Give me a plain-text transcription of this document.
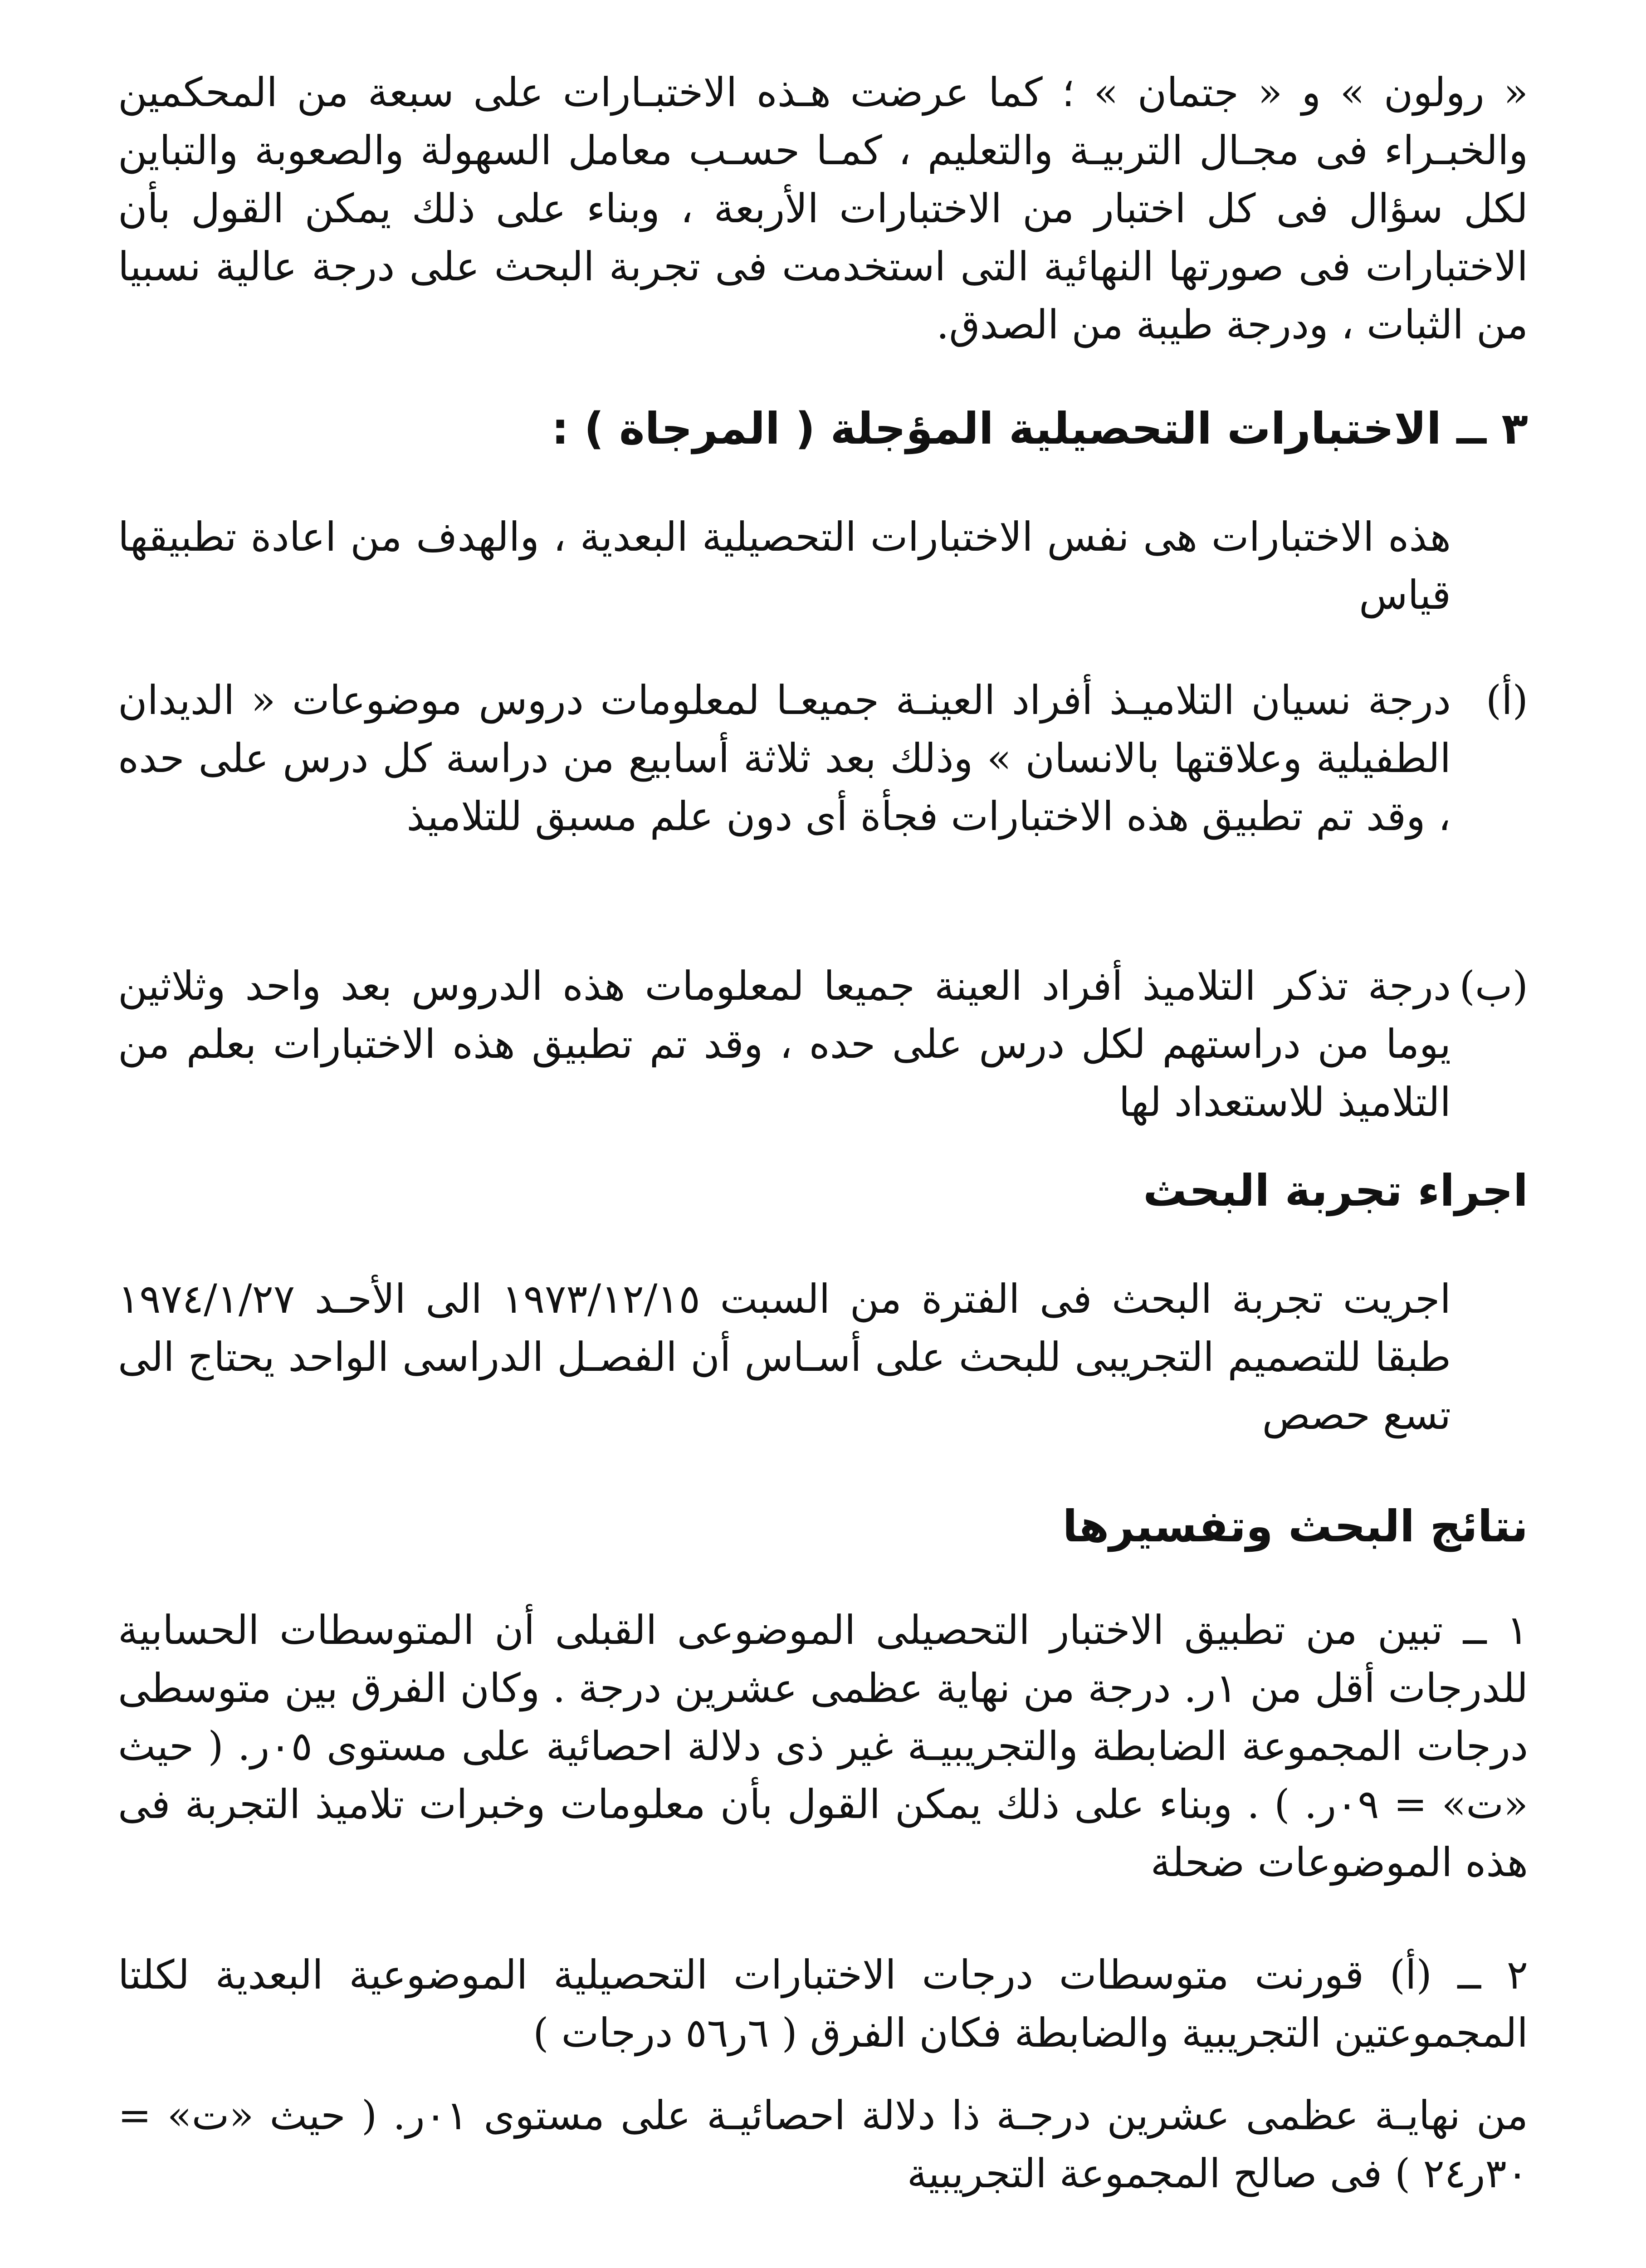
« رولون » و « جتمان » ؛ كما عرضت هـذه الاختبـارات على سبعة من المحكمين والخبـراء فى مجـال التربيـة والتعليم ، كمـا حسـب معامل السهولة والصعوبة والتباين لكل سؤال فى كل اختبار من الاختبارات الأربعة ، وبناء على ذلك يمكن القول بأن الاختبارات فى صورتها النهائية التى استخدمت فى تجربة البحث على درجة عالية نسبيا من الثبات ، ودرجة طيبة من الصدق.

٣ ــ الاختبارات التحصيلية المؤجلة ( المرجاة ) :

هذه الاختبارات هى نفس الاختبارات التحصيلية البعدية ، والهدف من اعادة تطبيقها قياس

(أ)

درجة نسيان التلاميـذ أفراد العينـة جميعـا لمعلومات دروس موضوعات « الديدان الطفيلية وعلاقتها بالانسان » وذلك بعد ثلاثة أسابيع من دراسة كل درس على حده ، وقد تم تطبيق هذه الاختبارات فجأة أى دون علم مسبق للتلاميذ

(ب)

درجة تذكر التلاميذ أفراد العينة جميعا لمعلومات هذه الدروس بعد واحد وثلاثين يوما من دراستهم لكل درس على حده ، وقد تم تطبيق هذه الاختبارات بعلم من التلاميذ للاستعداد لها

اجراء تجربة البحث

اجريت تجربة البحث فى الفترة من السبت ١٩٧٣/١٢/١٥ الى الأحـد ١٩٧٤/١/٢٧ طبقا للتصميم التجريبى للبحث على أسـاس أن الفصـل الدراسى الواحد يحتاج الى تسع حصص

نتائج البحث وتفسيرها

١ ــ تبين من تطبيق الاختبار التحصيلى الموضوعى القبلى أن المتوسطات الحسابية للدرجات أقل من ١ر. درجة من نهاية عظمى عشرين درجة . وكان الفرق بين متوسطى درجات المجموعة الضابطة والتجريبيـة غير ذى دلالة احصائية على مستوى ٠٥ر. ( حيث «ت» = ٠٩ر. ) . وبناء على ذلك يمكن القول بأن معلومات وخبرات تلاميذ التجربة فى هذه الموضوعات ضحلة

٢ ــ (أ) قورنت متوسطات درجات الاختبارات التحصيلية الموضوعية البعدية لكلتا المجموعتين التجريبية والضابطة فكان الفرق ( ٦ر٥٦ درجات )

من نهايـة عظمى عشرين درجـة ذا دلالة احصائيـة على مستوى ٠١ر. ( حيث «ت» = ٣٠ر٢٤ ) فى صالح المجموعة التجريبية
